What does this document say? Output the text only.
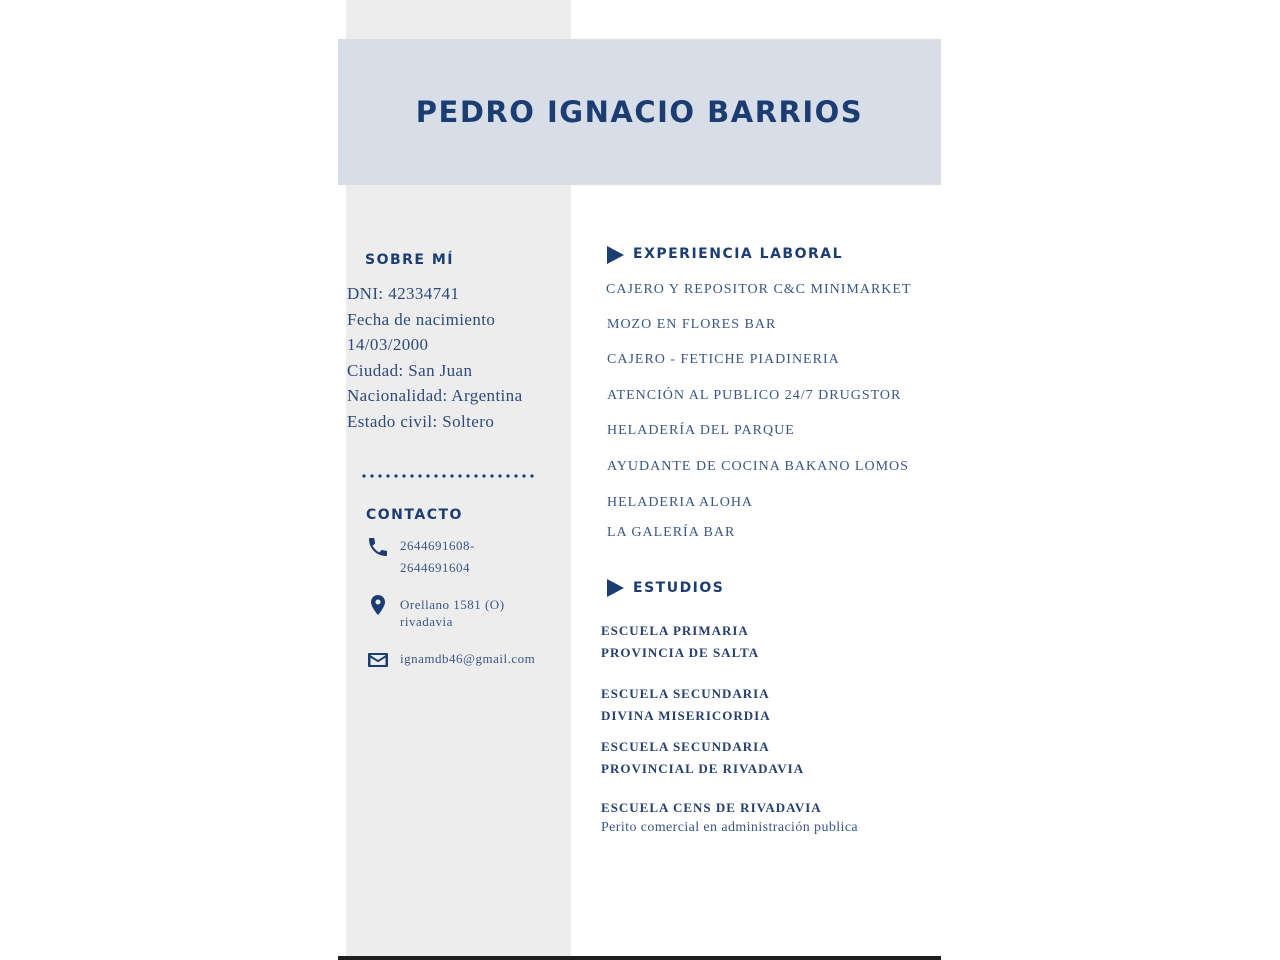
PEDRO IGNACIO BARRIOS
SOBRE MÍ
DNI: 42334741
Fecha de nacimiento
14/03/2000
Ciudad: San Juan
Nacionalidad: Argentina
Estado civil: Soltero
CONTACTO
2644691608-
2644691604
Orellano 1581 (O)
rivadavia
ignamdb46@gmail.com
EXPERIENCIA LABORAL
CAJERO Y REPOSITOR C&C MINIMARKET
MOZO EN FLORES BAR
CAJERO - FETICHE PIADINERIA
ATENCIÓN AL PUBLICO 24/7 DRUGSTOR
HELADERÍA DEL PARQUE
AYUDANTE DE COCINA BAKANO LOMOS
HELADERIA ALOHA
LA GALERÍA BAR
ESTUDIOS
ESCUELA PRIMARIA
PROVINCIA DE SALTA
ESCUELA SECUNDARIA
DIVINA MISERICORDIA
ESCUELA SECUNDARIA
PROVINCIAL DE RIVADAVIA
ESCUELA CENS DE RIVADAVIA
Perito comercial en administración publica
